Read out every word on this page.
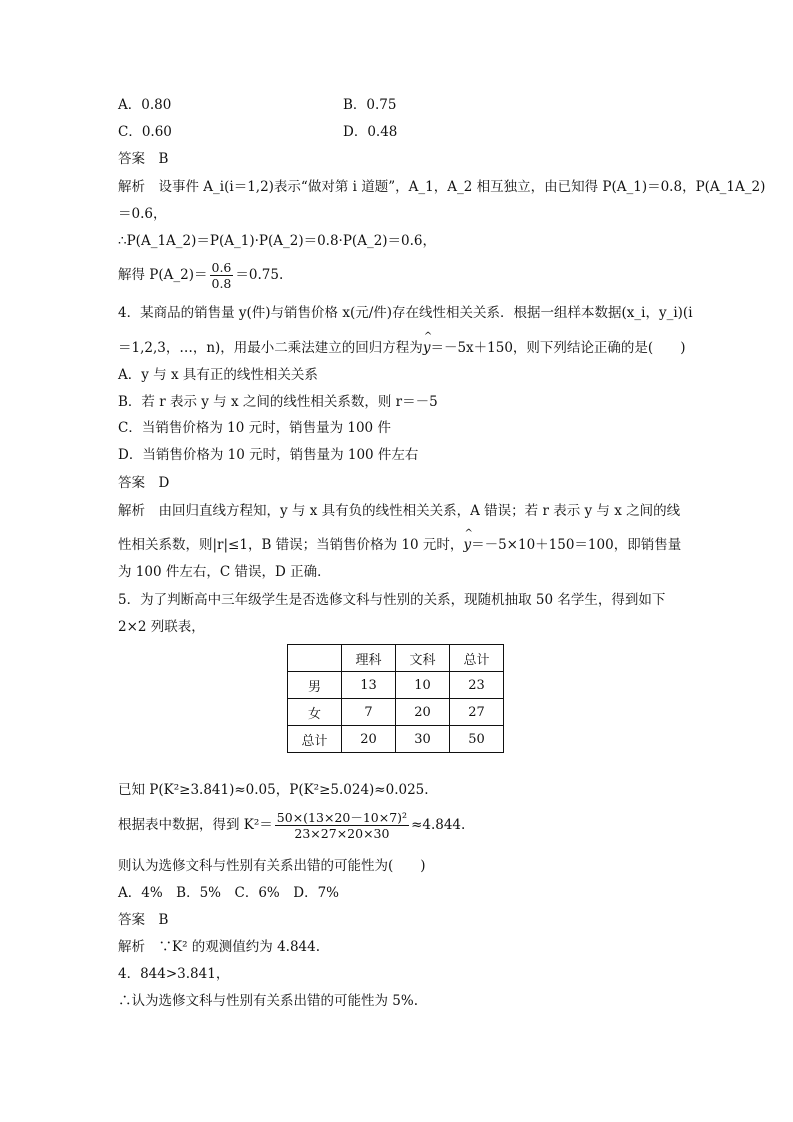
A．0.80	B．0.75
C．0.60	D．0.48
答案　B
解析　 设事件 A_i(i＝1,2)表示“做对第 i 道题”，A_1，A_2 相互独立，由已知得 P(A_1)＝0.8，P(A_1A_2)
＝0.6，
∴P(A_1A_2)＝P(A_1)·P(A_2)＝0.8·P(A_2)＝0.6，
解得 P(A_2)＝ $\frac{0.6}{0.8} =0.75$.
4．某商品的销售量 y(件)与销售价格 x(元/件)存在线性相关关系．根据一组样本数据(x_i，y_i)(i
＝1,2,3，…，n)，用最小二乘法建立的回归方程为^ y＝－5x＋150，则下列结论正确的是(　　)
A．y 与 x 具有正的线性相关关系
B．若 r 表示 y 与 x 之间的线性相关系数，则 r＝－5
C．当销售价格为 10 元时，销售量为 100 件
D．当销售价格为 10 元时，销售量为 100 件左右
答案　D
解析　 由回归直线方程知，y 与 x 具有负的线性相关关系，A 错误；若 r 表示 y 与 x 之间的线
性相关系数，则|r|≤1，B 错误；当销售价格为 10 元时，^ y＝－5×10＋150＝100，即销售量
为 100 件左右，C 错误，D 正确．
5．为了判断高中三年级学生是否选修文科与性别的关系，现随机抽取 50 名学生，得到如下
2×2 列联表，
	理科	文科	总计
男	13	10	23
女	7	20	27
总计	20	30	50
已知 P(K²≥3.841)≈0.05，P(K²≥5.024)≈0.025.
根据表中数据，得到 $K^2= \frac{\text{50×(13×20－10×7)²}}{23\times 27\times 20\times 30} \approx 4.844$.
则认为选修文科与性别有关系出错的可能性为(　　)
A．4%　B．5%　C．6%　D．7%
答案　B
解析　 ∵K² 的观测值约为 4.844.
4．844>3.841，
∴认为选修文科与性别有关系出错的可能性为 5%.
